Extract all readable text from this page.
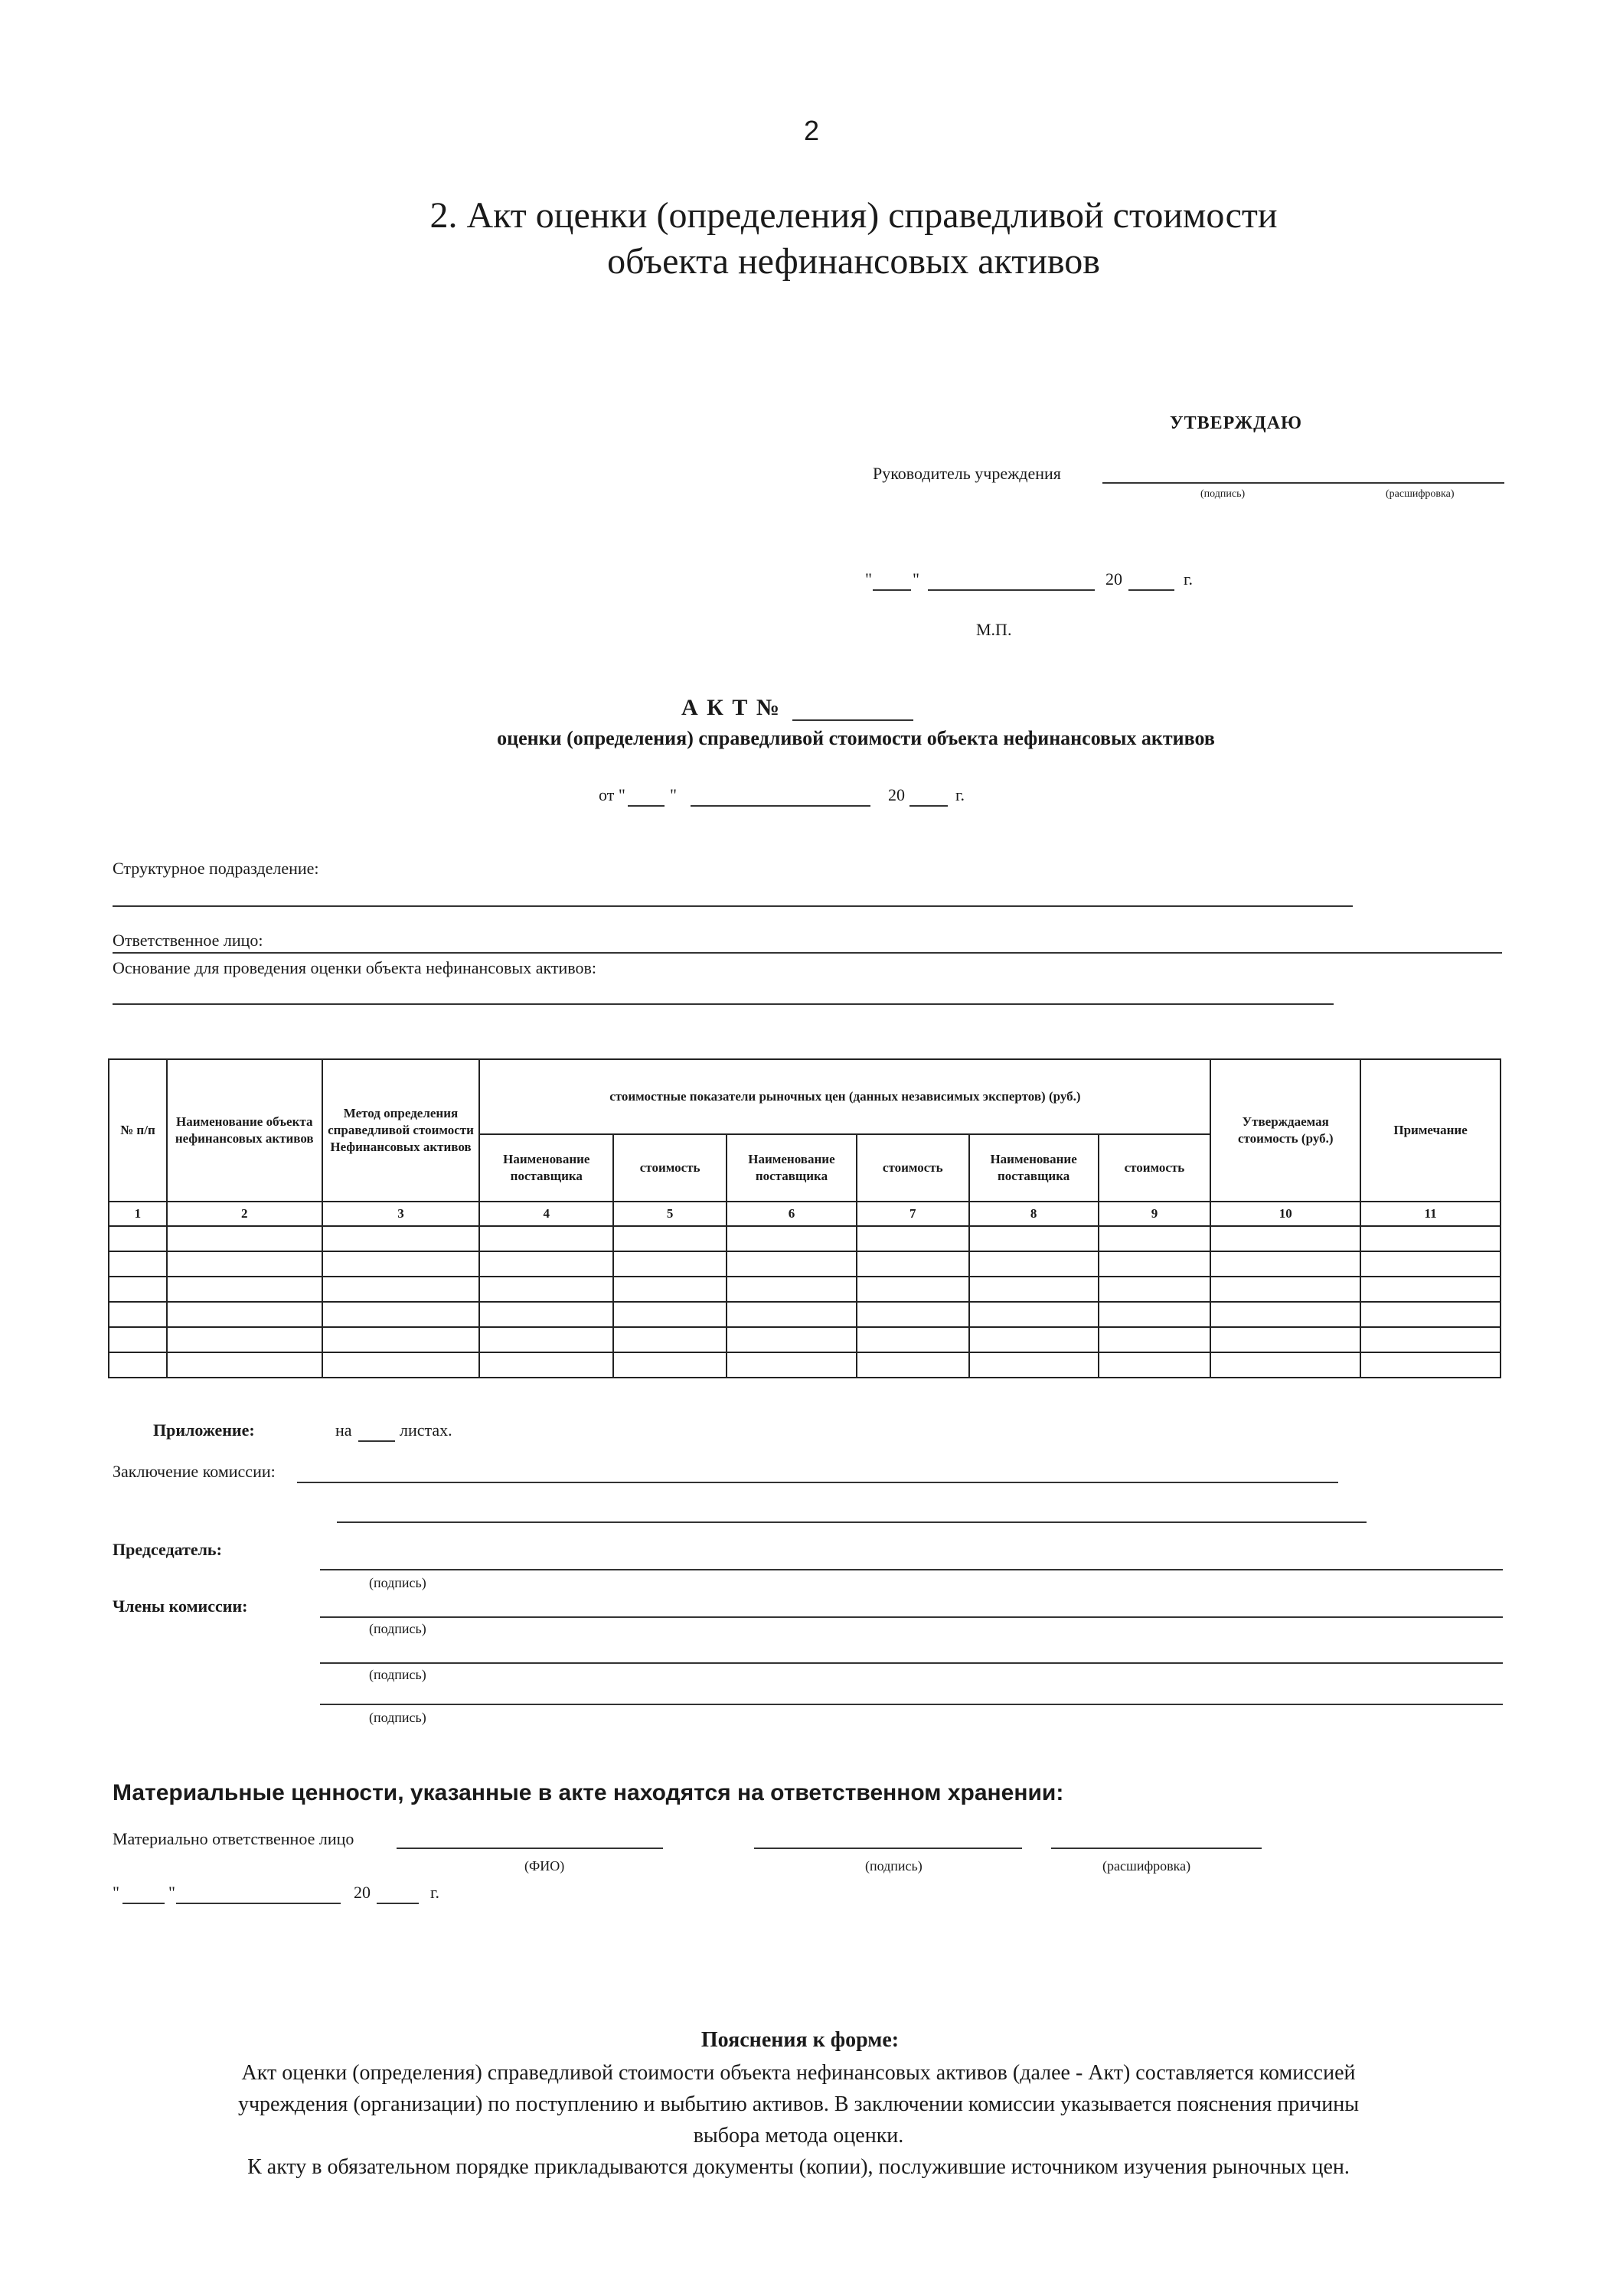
2
2. Акт оценки (определения) справедливой стоимости
объекта нефинансовых активов
УТВЕРЖДАЮ
Руководитель учреждения
(подпись)	(расшифровка)
" "	20	г.
М.П.
А К Т №
оценки (определения) справедливой стоимости объекта нефинансовых активов
от "	"	20	г.
Структурное подразделение:
Ответственное лицо:
Основание для проведения оценки объекта нефинансовых активов:
№ п/п	Наименование объекта нефинансовых активов	Метод определения справедливой стоимости Нефинансовых активов	стоимостные показатели рыночных цен (данных независимых экспертов) (руб.)						Утверждаемая стоимость (руб.)	Примечание
			Наименование поставщика	стоимость	Наименование поставщика	стоимость	Наименование поставщика	стоимость		
1	2	3	4	5	6	7	8	9	10	11

Приложение:	на	листах.
Заключение комиссии:
Председатель:
(подпись)
Члены комиссии:
(подпись)
(подпись)
(подпись)
Материальные ценности, указанные в акте находятся на ответственном хранении:
Материально ответственное лицо
(ФИО)	(подпись)	(расшифровка)
"	"	20	г.
Пояснения к форме:
Акт оценки (определения) справедливой стоимости объекта нефинансовых активов (далее - Акт) составляется комиссией
учреждения (организации) по поступлению и выбытию активов. В заключении комиссии указывается пояснения причины
выбора метода оценки.
К акту в обязательном порядке прикладываются документы (копии), послужившие источником изучения рыночных цен.
